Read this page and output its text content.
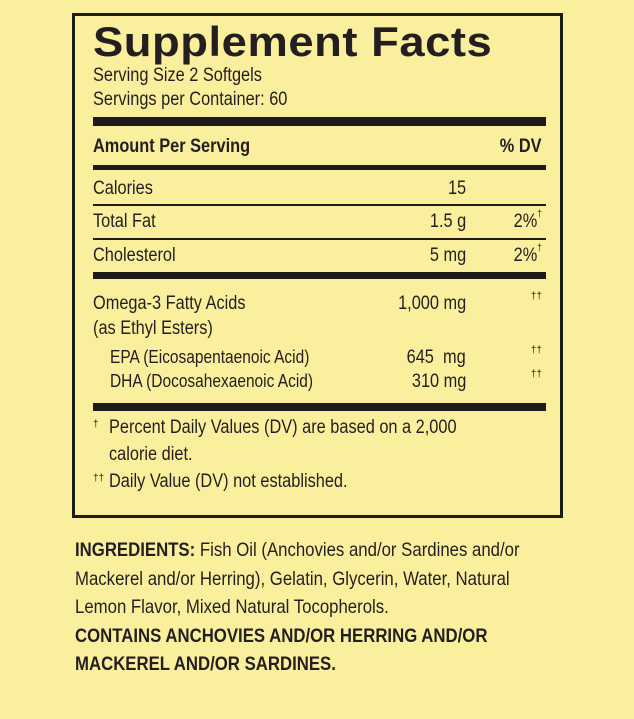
Supplement Facts
Serving Size 2 Softgels
Servings per Container: 60
Amount Per Serving	% DV
Calories	15
Total Fat	1.5 g	2%†
Cholesterol	5 mg	2%†
Omega-3 Fatty Acids	1,000 mg	††
(as Ethyl Esters)
EPA (Eicosapentaenoic Acid)	645  mg	††
DHA (Docosahexaenoic Acid)	310 mg	††
† Percent Daily Values (DV) are based on a 2,000
calorie diet.
†† Daily Value (DV) not established.
INGREDIENTS: Fish Oil (Anchovies and/or Sardines and/or
Mackerel and/or Herring), Gelatin, Glycerin, Water, Natural
Lemon Flavor, Mixed Natural Tocopherols.
CONTAINS ANCHOVIES AND/OR HERRING AND/OR
MACKEREL AND/OR SARDINES.
